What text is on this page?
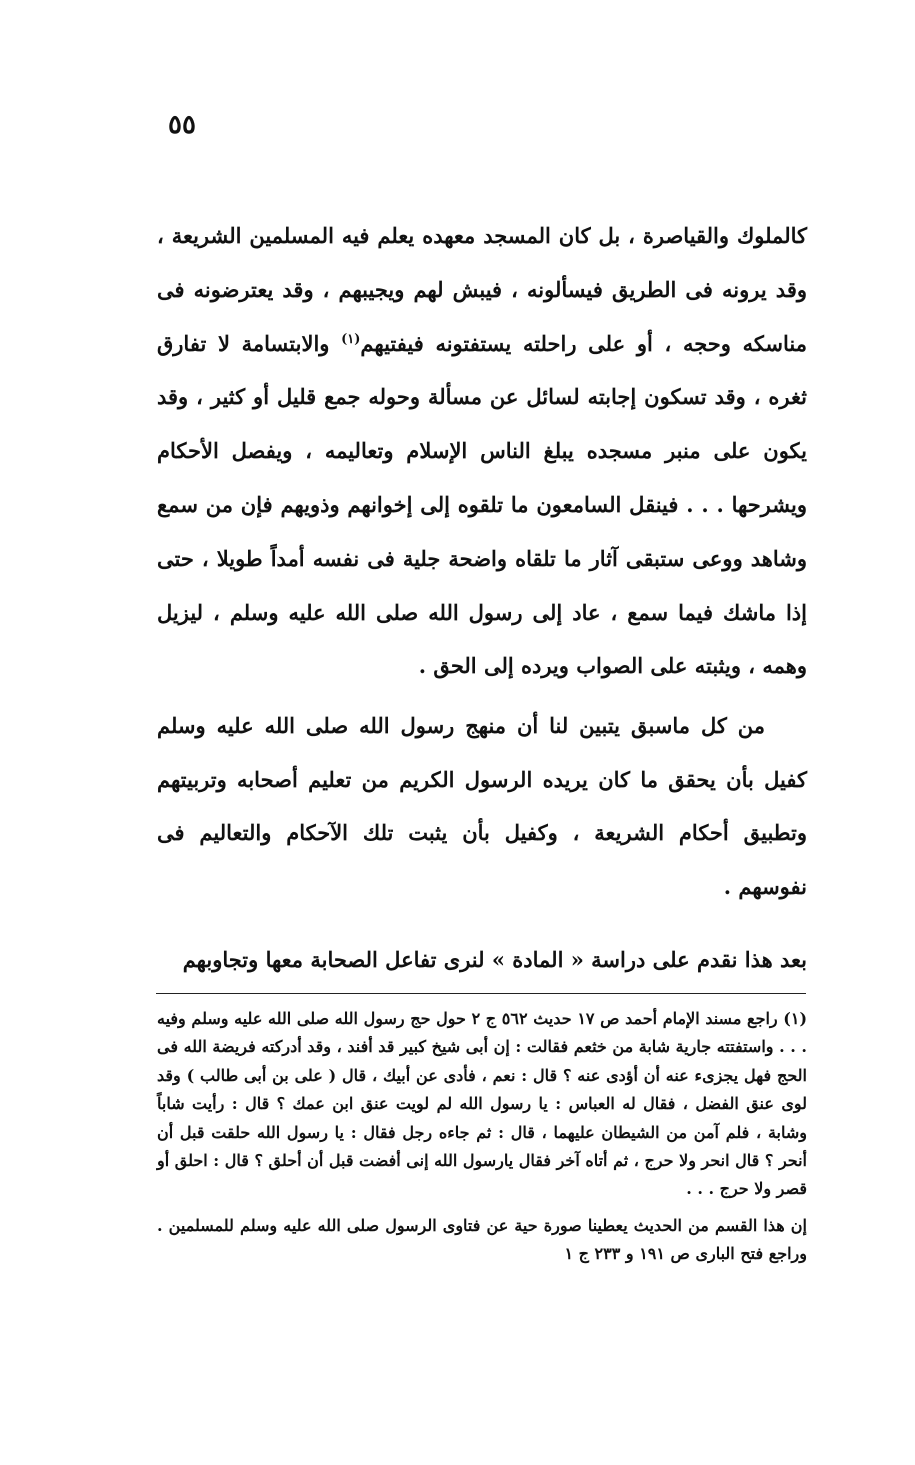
٥٥

كالملوك والقياصرة ، بل كان المسجد معهده يعلم فيه المسلمين الشريعة ، وقد يرونه فى الطريق فيسألونه ، فيبش لهم ويجيبهم ، وقد يعترضونه فى مناسكه وحجه ، أو على راحلته يستفتونه فيفتيهم$^{(١)}$ والابتسامة لا تفارق ثغره ، وقد تسكون إجابته لسائل عن مسألة وحوله جمع قليل أو كثير ، وقد يكون على منبر مسجده يبلغ الناس الإسلام وتعاليمه ، ويفصل الأحكام ويشرحها . . . فينقل السامعون ما تلقوه إلى إخوانهم وذويهم فإن من سمع وشاهد ووعى ستبقى آثار ما تلقاه واضحة جلية فى نفسه أمداً طويلا ، حتى إذا ماشك فيما سمع ، عاد إلى رسول الله صلى الله عليه وسلم ، ليزيل وهمه ، ويثبته على الصواب ويرده إلى الحق .

من كل ماسبق يتبين لنا أن منهج رسول الله صلى الله عليه وسلم كفيل بأن يحقق ما كان يريده الرسول الكريم من تعليم أصحابه وتربيتهم وتطبيق أحكام الشريعة ، وكفيل بأن يثبت تلك الآحكام والتعاليم فى نفوسهم .

بعد هذا نقدم على دراسة « المادة » لنرى تفاعل الصحابة معها وتجاوبهم

(١) راجع مسند الإمام أحمد ص ١٧ حديث ٥٦٢ ج ٢ حول حج رسول الله صلى الله عليه وسلم وفيه . . . واستفتته جارية شابة من خثعم فقالت : إن أبى شيخ كبير قد أفند ، وقد أدركته فريضة الله فى الحج فهل يجزىء عنه أن أؤدى عنه ؟ قال : نعم ، فأدى عن أبيك ، قال ( على بن أبى طالب ) وقد لوى عنق الفضل ، فقال له العباس : يا رسول الله لم لويت عنق ابن عمك ؟ قال : رأيت شاباً وشابة ، فلم آمن من الشيطان عليهما ، قال : ثم جاءه رجل فقال : يا رسول الله حلقت قبل أن أنحر ؟ قال انحر ولا حرج ، ثم أتاه آخر فقال يارسول الله إنى أفضت قبل أن أحلق ؟ قال : احلق أو قصر ولا حرج . . .

إن هذا القسم من الحديث يعطينا صورة حية عن فتاوى الرسول صلى الله عليه وسلم للمسلمين . وراجع فتح البارى ص ١٩١ و ٢٣٣ ج ١
